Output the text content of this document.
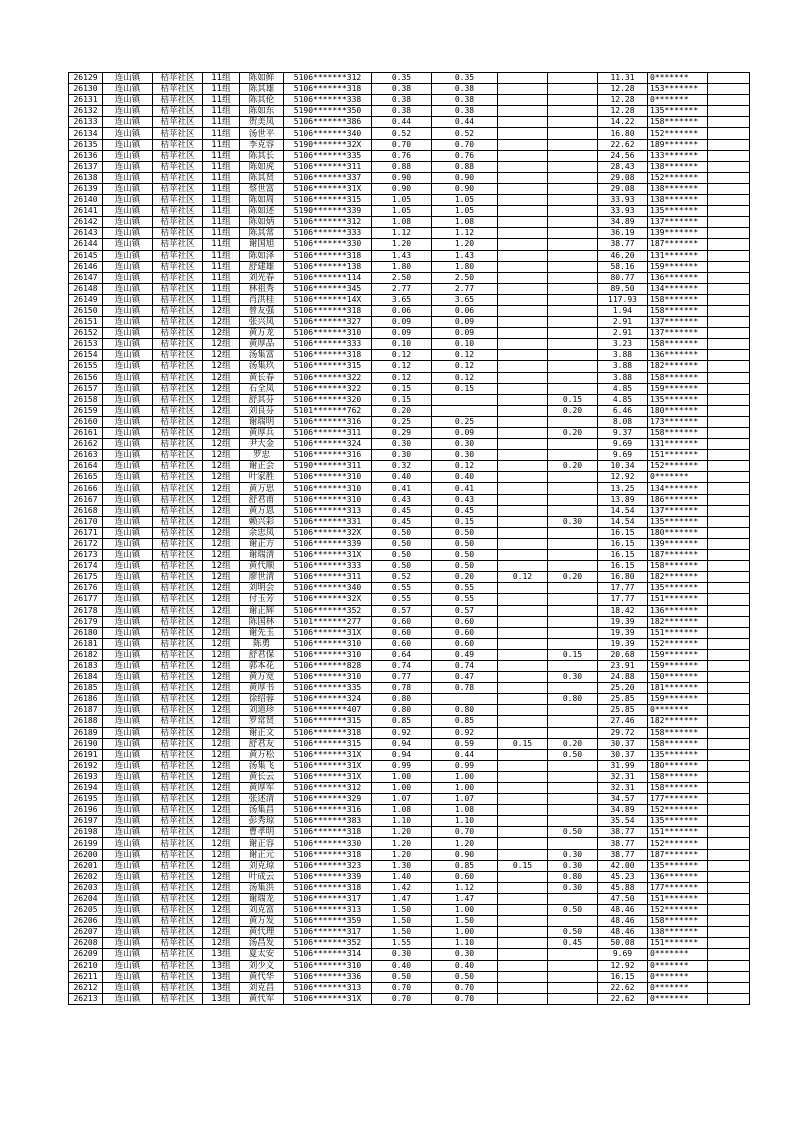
26129	连山镇	桔苹社区	11组	陈如鲜	5106*******312	0.35	0.35			11.31	0*******	
26130	连山镇	桔苹社区	11组	陈其雄	5106*******318	0.38	0.38			12.28	153*******	
26131	连山镇	桔苹社区	11组	陈其伦	5106*******338	0.38	0.38			12.28	0*******	
26132	连山镇	桔苹社区	11组	陈如东	5190*******350	0.38	0.38			12.28	135*******	
26133	连山镇	桔苹社区	11组	贺美凤	5106*******386	0.44	0.44			14.22	158*******	
26134	连山镇	桔苹社区	11组	汤世平	5106*******340	0.52	0.52			16.80	152*******	
26135	连山镇	桔苹社区	11组	李克容	5190*******32X	0.70	0.70			22.62	189*******	
26136	连山镇	桔苹社区	11组	陈其长	5106*******335	0.76	0.76			24.56	133*******	
26137	连山镇	桔苹社区	11组	陈如虎	5106*******311	0.88	0.88			28.43	138*******	
26138	连山镇	桔苹社区	11组	陈其贤	5106*******337	0.90	0.90			29.08	152*******	
26139	连山镇	桔苹社区	11组	蔡世富	5106*******31X	0.90	0.90			29.08	138*******	
26140	连山镇	桔苹社区	11组	陈如周	5106*******315	1.05	1.05			33.93	138*******	
26141	连山镇	桔苹社区	11组	陈如述	5190*******339	1.05	1.05			33.93	135*******	
26142	连山镇	桔苹社区	11组	陈如炳	5106*******312	1.08	1.08			34.89	137*******	
26143	连山镇	桔苹社区	11组	陈其常	5106*******333	1.12	1.12			36.19	139*******	
26144	连山镇	桔苹社区	11组	谢国旭	5106*******330	1.20	1.20			38.77	187*******	
26145	连山镇	桔苹社区	11组	陈如泽	5106*******318	1.43	1.43			46.20	131*******	
26146	连山镇	桔苹社区	11组	舒建雄	5106*******138	1.80	1.80			58.16	159*******	
26147	连山镇	桔苹社区	11组	刘光春	5106*******114	2.50	2.50			80.77	136*******	
26148	连山镇	桔苹社区	11组	林祖秀	5106*******345	2.77	2.77			89.50	134*******	
26149	连山镇	桔苹社区	11组	肖洪桂	5106*******14X	3.65	3.65			117.93	158*******	
26150	连山镇	桔苹社区	12组	曾友强	5106*******318	0.06	0.06			1.94	158*******	
26151	连山镇	桔苹社区	12组	张兴凤	5106*******327	0.09	0.09			2.91	137*******	
26152	连山镇	桔苹社区	12组	黄万龙	5106*******310	0.09	0.09			2.91	137*******	
26153	连山镇	桔苹社区	12组	黄厚品	5106*******333	0.10	0.10			3.23	158*******	
26154	连山镇	桔苹社区	12组	汤集富	5106*******318	0.12	0.12			3.88	136*******	
26155	连山镇	桔苹社区	12组	汤集玖	5106*******315	0.12	0.12			3.88	182*******	
26156	连山镇	桔苹社区	12组	黄长春	5106*******322	0.12	0.12			3.88	158*******	
26157	连山镇	桔苹社区	12组	石全凤	5106*******322	0.15	0.15			4.85	159*******	
26158	连山镇	桔苹社区	12组	舒其芬	5106*******320	0.15			0.15	4.85	135*******	
26159	连山镇	桔苹社区	12组	刘良芬	5101*******762	0.20			0.20	6.46	180*******	
26160	连山镇	桔苹社区	12组	谢瑞明	5106*******316	0.25	0.25			8.08	173*******	
26161	连山镇	桔苹社区	12组	黄厚兵	5106*******311	0.29	0.09		0.20	9.37	158*******	
26162	连山镇	桔苹社区	12组	尹大金	5106*******324	0.30	0.30			9.69	131*******	
26163	连山镇	桔苹社区	12组	罗忠	5106*******316	0.30	0.30			9.69	151*******	
26164	连山镇	桔苹社区	12组	谢正会	5190*******311	0.32	0.12		0.20	10.34	152*******	
26165	连山镇	桔苹社区	12组	叶家胜	5106*******310	0.40	0.40			12.92	0*******	
26166	连山镇	桔苹社区	12组	黄万思	5106*******310	0.41	0.41			13.25	134*******	
26167	连山镇	桔苹社区	12组	舒君甫	5106*******310	0.43	0.43			13.89	186*******	
26168	连山镇	桔苹社区	12组	黄万恩	5106*******313	0.45	0.45			14.54	137*******	
26170	连山镇	桔苹社区	12组	赖兴彩	5106*******331	0.45	0.15		0.30	14.54	135*******	
26171	连山镇	桔苹社区	12组	余忠凤	5106*******32X	0.50	0.50			16.15	180*******	
26172	连山镇	桔苹社区	12组	谢正方	5106*******339	0.50	0.50			16.15	139*******	
26173	连山镇	桔苹社区	12组	谢瑞清	5106*******31X	0.50	0.50			16.15	187*******	
26174	连山镇	桔苹社区	12组	黄代顺	5106*******333	0.50	0.50			16.15	158*******	
26175	连山镇	桔苹社区	12组	廖世清	5106*******311	0.52	0.20	0.12	0.20	16.80	182*******	
26176	连山镇	桔苹社区	12组	刘明会	5106*******340	0.55	0.55			17.77	135*******	
26177	连山镇	桔苹社区	12组	付玉芳	5106*******32X	0.55	0.55			17.77	151*******	
26178	连山镇	桔苹社区	12组	谢正辉	5106*******352	0.57	0.57			18.42	136*******	
26179	连山镇	桔苹社区	12组	陈国林	5101*******277	0.60	0.60			19.39	182*******	
26180	连山镇	桔苹社区	12组	谢先玉	5106*******31X	0.60	0.60			19.39	151*******	
26181	连山镇	桔苹社区	12组	陈勇	5106*******310	0.60	0.60			19.39	152*******	
26182	连山镇	桔苹社区	12组	舒君保	5106*******310	0.64	0.49		0.15	20.68	159*******	
26183	连山镇	桔苹社区	12组	郭本花	5106*******828	0.74	0.74			23.91	159*******	
26184	连山镇	桔苹社区	12组	黄万宽	5106*******310	0.77	0.47		0.30	24.88	150*******	
26185	连山镇	桔苹社区	12组	黄厚书	5106*******335	0.78	0.78			25.20	181*******	
26186	连山镇	桔苹社区	12组	徐绍蓉	5106*******324	0.80			0.80	25.85	159*******	
26187	连山镇	桔苹社区	12组	刘道珍	5106*******407	0.80	0.80			25.85	0*******	
26188	连山镇	桔苹社区	12组	罗常贤	5106*******315	0.85	0.85			27.46	182*******	
26189	连山镇	桔苹社区	12组	谢正文	5106*******318	0.92	0.92			29.72	158*******	
26190	连山镇	桔苹社区	12组	舒君友	5106*******315	0.94	0.59	0.15	0.20	30.37	158*******	
26191	连山镇	桔苹社区	12组	黄万松	5106*******31X	0.94	0.44		0.50	30.37	135*******	
26192	连山镇	桔苹社区	12组	汤集飞	5106*******31X	0.99	0.99			31.99	180*******	
26193	连山镇	桔苹社区	12组	黄长云	5106*******31X	1.00	1.00			32.31	158*******	
26194	连山镇	桔苹社区	12组	黄厚军	5106*******312	1.00	1.00			32.31	158*******	
26195	连山镇	桔苹社区	12组	张述清	5106*******329	1.07	1.07			34.57	177*******	
26196	连山镇	桔苹社区	12组	汤集昌	5106*******316	1.08	1.08			34.89	152*******	
26197	连山镇	桔苹社区	12组	彭秀琼	5106*******383	1.10	1.10			35.54	135*******	
26198	连山镇	桔苹社区	12组	曹孝明	5106*******318	1.20	0.70		0.50	38.77	151*******	
26199	连山镇	桔苹社区	12组	谢正容	5106*******330	1.20	1.20			38.77	152*******	
26200	连山镇	桔苹社区	12组	谢正元	5106*******318	1.20	0.90		0.30	38.77	187*******	
26201	连山镇	桔苹社区	12组	刘克琼	5106*******323	1.30	0.85	0.15	0.30	42.00	135*******	
26202	连山镇	桔苹社区	12组	叶成云	5106*******339	1.40	0.60		0.80	45.23	136*******	
26203	连山镇	桔苹社区	12组	汤集洪	5106*******318	1.42	1.12		0.30	45.88	177*******	
26204	连山镇	桔苹社区	12组	谢瑞龙	5106*******317	1.47	1.47			47.50	151*******	
26205	连山镇	桔苹社区	12组	刘克富	5106*******313	1.50	1.00		0.50	48.46	152*******	
26206	连山镇	桔苹社区	12组	黄万发	5106*******359	1.50	1.50			48.46	158*******	
26207	连山镇	桔苹社区	12组	黄代理	5106*******317	1.50	1.00		0.50	48.46	138*******	
26208	连山镇	桔苹社区	12组	汤昌发	5106*******352	1.55	1.10		0.45	50.08	151*******	
26209	连山镇	桔苹社区	13组	夏太安	5106*******314	0.30	0.30			9.69	0*******	
26210	连山镇	桔苹社区	13组	刘少义	5106*******310	0.40	0.40			12.92	0*******	
26211	连山镇	桔苹社区	13组	黄代华	5106*******336	0.50	0.50			16.15	0*******	
26212	连山镇	桔苹社区	13组	刘克昌	5106*******313	0.70	0.70			22.62	0*******	
26213	连山镇	桔苹社区	13组	黄代军	5106*******31X	0.70	0.70			22.62	0*******	
